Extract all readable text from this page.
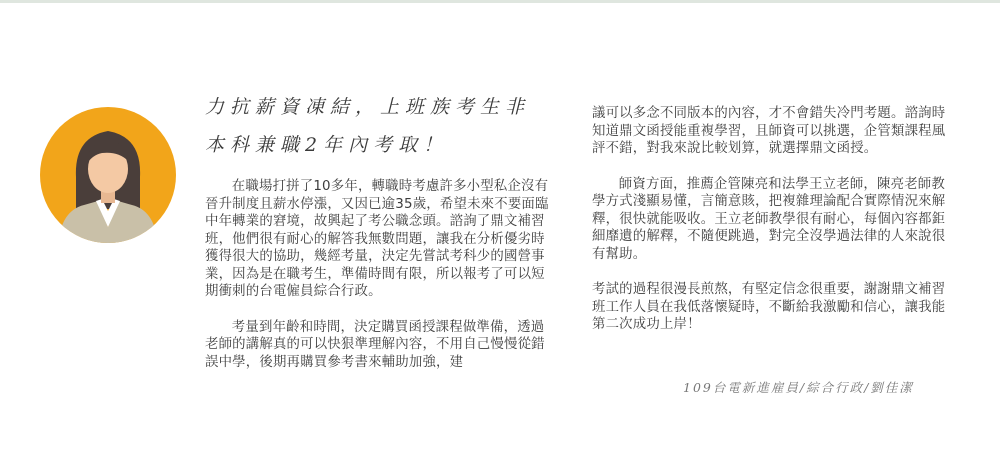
力抗薪資凍結，上班族考生非
本科兼職2年內考取！

在職場打拼了10多年，轉職時考慮許多小型私企沒有晉升制度且薪水停漲，又因已逾35歲，希望未來不要面臨中年轉業的窘境，故興起了考公職念頭。諮詢了鼎文補習班，他們很有耐心的解答我無數問題，讓我在分析優劣時獲得很大的協助，幾經考量，決定先嘗試考科少的國營事業，因為是在職考生，準備時間有限，所以報考了可以短期衝刺的台電僱員綜合行政。

考量到年齡和時間，決定購買函授課程做準備，透過老師的講解真的可以快狠準理解內容，不用自己慢慢從錯誤中學，後期再購買參考書來輔助加強，建

議可以多念不同版本的內容，才不會錯失冷門考題。諮詢時知道鼎文函授能重複學習，且師資可以挑選，企管類課程風評不錯，對我來說比較划算，就選擇鼎文函授。

師資方面，推薦企管陳亮和法學王立老師，陳亮老師教學方式淺顯易懂，言簡意賅，把複雜理論配合實際情況來解釋，很快就能吸收。王立老師教學很有耐心，每個內容都鉅細靡遺的解釋，不隨便跳過，對完全沒學過法律的人來說很有幫助。

考試的過程很漫長煎熬，有堅定信念很重要，謝謝鼎文補習班工作人員在我低落懷疑時，不斷給我激勵和信心，讓我能第二次成功上岸！

109台電新進雇員/綜合行政/劉佳潔
